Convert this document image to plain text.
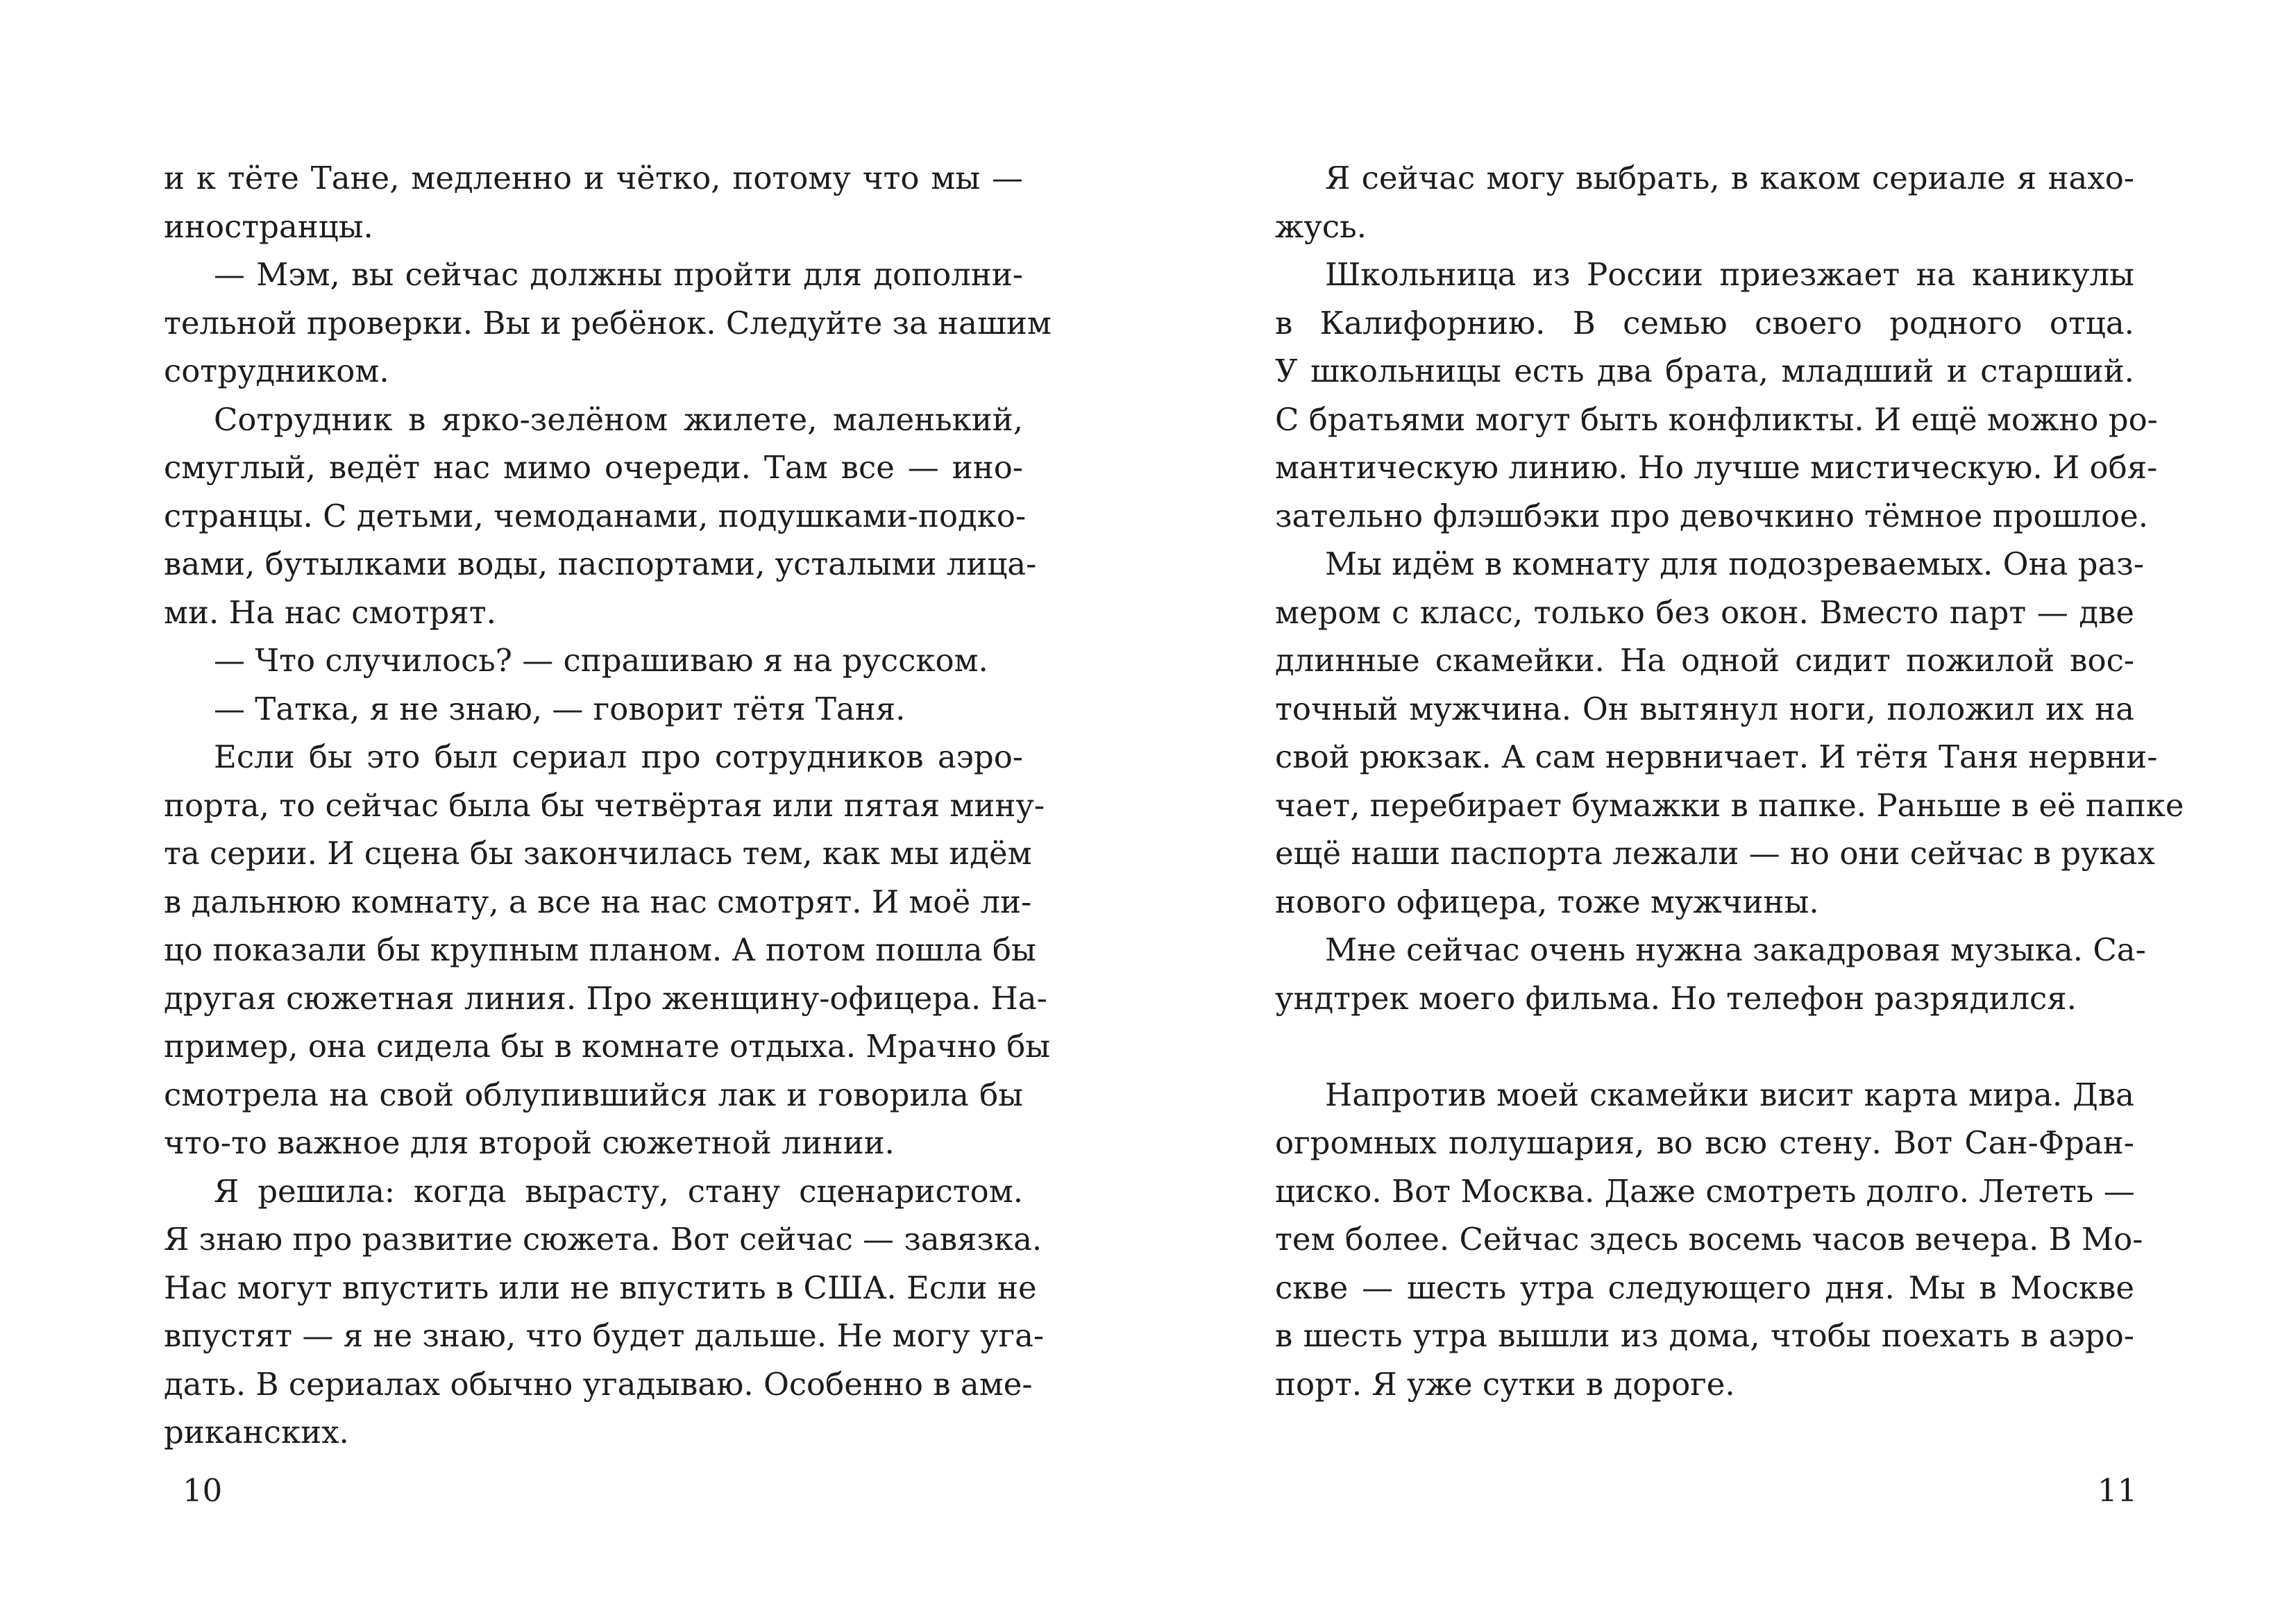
и к тёте Тане, медленно и чётко, потому что мы —
иностранцы.
— Мэм, вы сейчас должны пройти для дополни-
тельной проверки. Вы и ребёнок. Следуйте за нашим
сотрудником.
Сотрудник в ярко-зелёном жилете, маленький,
смуглый, ведёт нас мимо очереди. Там все — ино-
странцы. С детьми, чемоданами, подушками-подко-
вами, бутылками воды, паспортами, усталыми лица-
ми. На нас смотрят.
— Что случилось? — спрашиваю я на русском.
— Татка, я не знаю, — говорит тётя Таня.
Если бы это был сериал про сотрудников аэро-
порта, то сейчас была бы четвёртая или пятая мину-
та серии. И сцена бы закончилась тем, как мы идём
в дальнюю комнату, а все на нас смотрят. И моё ли-
цо показали бы крупным планом. А потом пошла бы
другая сюжетная линия. Про женщину-офицера. На-
пример, она сидела бы в комнате отдыха. Мрачно бы
смотрела на свой облупившийся лак и говорила бы
что-то важное для второй сюжетной линии.
Я решила: когда вырасту, стану сценаристом.
Я знаю про развитие сюжета. Вот сейчас — завязка.
Нас могут впустить или не впустить в США. Если не
впустят — я не знаю, что будет дальше. Не могу уга-
дать. В сериалах обычно угадываю. Особенно в аме-
риканских.
10
Я сейчас могу выбрать, в каком сериале я нахо-
жусь.
Школьница из России приезжает на каникулы
в Калифорнию. В семью своего родного отца.
У школьницы есть два брата, младший и старший.
С братьями могут быть конфликты. И ещё можно ро-
мантическую линию. Но лучше мистическую. И обя-
зательно флэшбэки про девочкино тёмное прошлое.
Мы идём в комнату для подозреваемых. Она раз-
мером с класс, только без окон. Вместо парт — две
длинные скамейки. На одной сидит пожилой вос-
точный мужчина. Он вытянул ноги, положил их на
свой рюкзак. А сам нервничает. И тётя Таня нервни-
чает, перебирает бумажки в папке. Раньше в её папке
ещё наши паспорта лежали — но они сейчас в руках
нового офицера, тоже мужчины.
Мне сейчас очень нужна закадровая музыка. Са-
ундтрек моего фильма. Но телефон разрядился.
Напротив моей скамейки висит карта мира. Два
огромных полушария, во всю стену. Вот Сан-Фран-
циско. Вот Москва. Даже смотреть долго. Лететь —
тем более. Сейчас здесь восемь часов вечера. В Мо-
скве — шесть утра следующего дня. Мы в Москве
в шесть утра вышли из дома, чтобы поехать в аэро-
порт. Я уже сутки в дороге.
11
